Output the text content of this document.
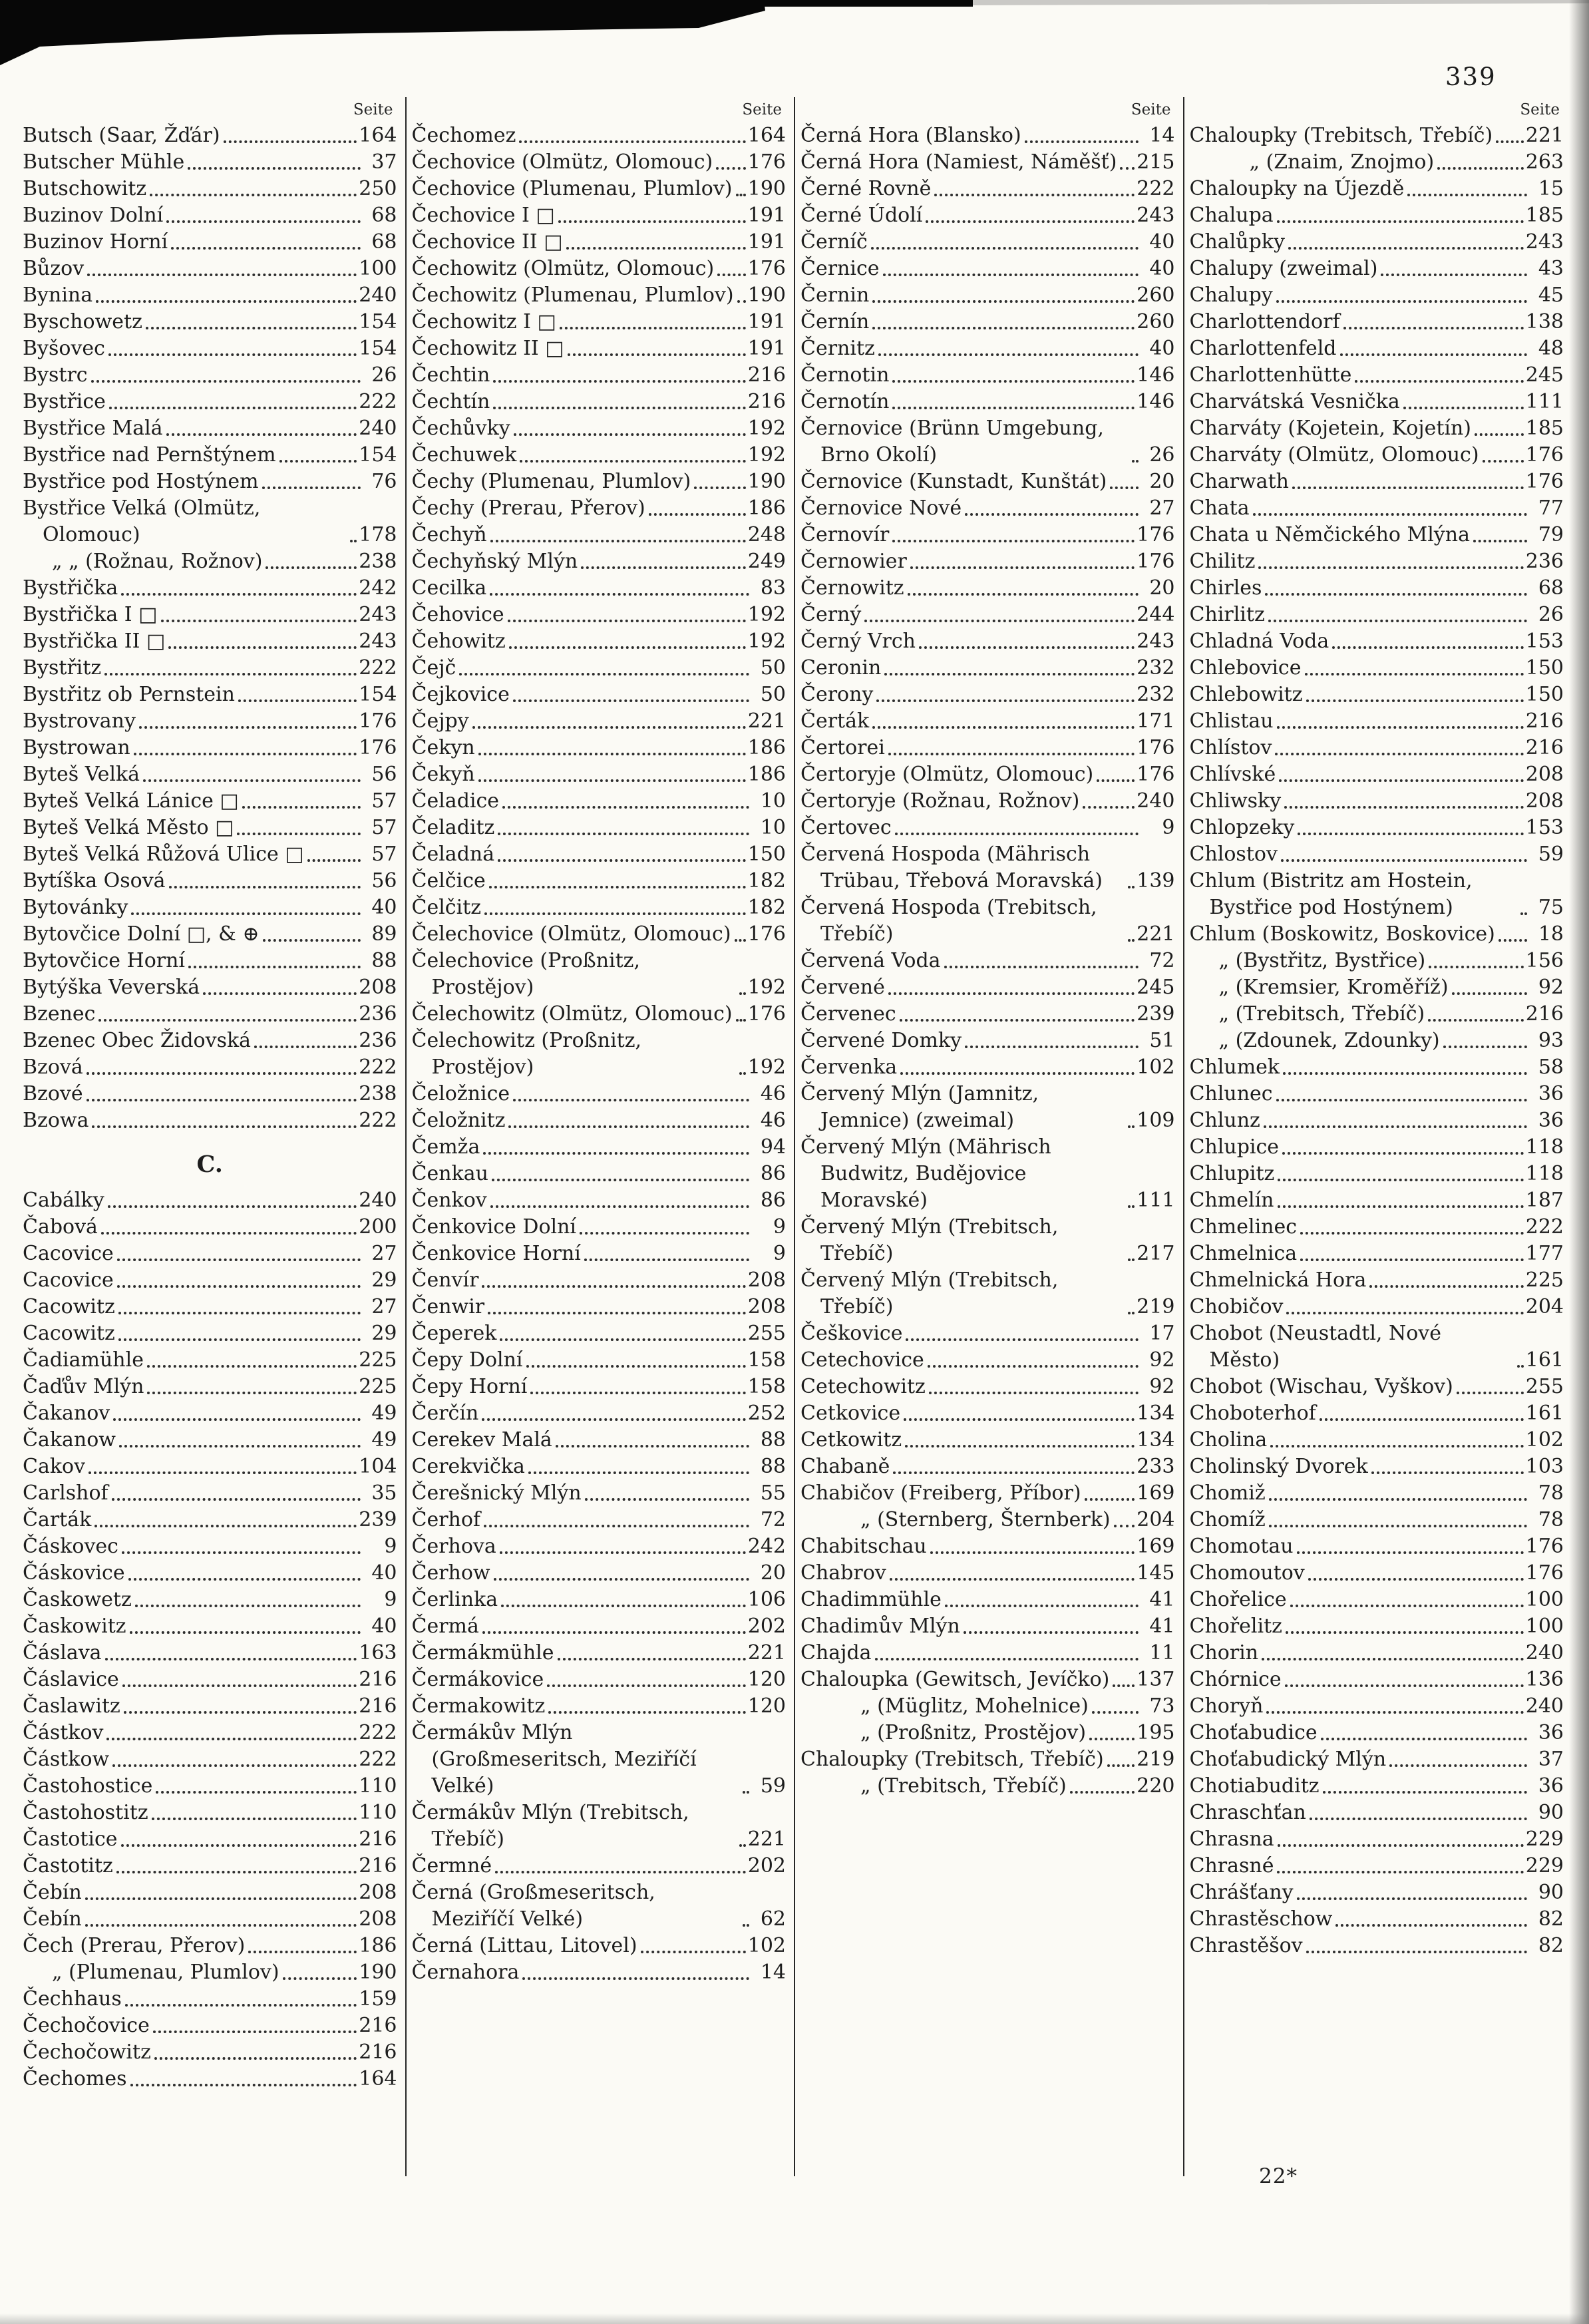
339
Seite
Butsch (Saar, Žďár)	164
Butscher Mühle	37
Butschowitz	250
Buzinov Dolní	68
Buzinov Horní	68
Bůzov	100
Bynina	240
Byschowetz	154
Byšovec	154
Bystrc	26
Bystřice	222
Bystřice Malá	240
Bystřice nad Pernštýnem	154
Bystřice pod Hostýnem	76
Bystřice Velká (Olmütz, Olomouc)	178
„ „ (Rožnau, Rožnov)	238
Bystřička	242
Bystřička I □	243
Bystřička II □	243
Bystřitz	222
Bystřitz ob Pernstein	154
Bystrovany	176
Bystrowan	176
Byteš Velká	56
Byteš Velká Lánice □	57
Byteš Velká Město □	57
Byteš Velká Růžová Ulice □	57
Bytíška Osová	56
Bytovánky	40
Bytovčice Dolní □, & ⊕	89
Bytovčice Horní	88
Bytýška Veverská	208
Bzenec	236
Bzenec Obec Židovská	236
Bzová	222
Bzové	238
Bzowa	222
C.
Cabálky	240
Čabová	200
Cacovice	27
Cacovice	29
Cacowitz	27
Cacowitz	29
Čadiamühle	225
Čaďův Mlýn	225
Čakanov	49
Čakanow	49
Cakov	104
Carlshof	35
Čarták	239
Čáskovec	9
Čáskovice	40
Časkowetz	9
Časkowitz	40
Čáslava	163
Čáslavice	216
Časlawitz	216
Částkov	222
Částkow	222
Častohostice	110
Častohostitz	110
Častotice	216
Častotitz	216
Čebín	208
Čebín	208
Čech (Prerau, Přerov)	186
„ (Plumenau, Plumlov)	190
Čechhaus	159
Čechočovice	216
Čechočowitz	216
Čechomes	164
Seite
Čechomez	164
Čechovice (Olmütz, Olomouc) 176
Čechovice (Plumenau, Plumlov) 190
Čechovice I □	191
Čechovice II □	191
Čechowitz (Olmütz, Olomouc) 176
Čechowitz (Plumenau, Plumlov) 190
Čechowitz I □	191
Čechowitz II □	191
Čechtin	216
Čechtín	216
Čechůvky	192
Čechuwek	192
Čechy (Plumenau, Plumlov)	190
Čechy (Prerau, Přerov)	186
Čechyň	248
Čechyňský Mlýn	249
Cecilka	83
Čehovice	192
Čehowitz	192
Čejč	50
Čejkovice	50
Čejpy	221
Čekyn	186
Čekyň	186
Čeladice	10
Čeladitz	10
Čeladná	150
Čelčice	182
Čelčitz	182
Čelechovice (Olmütz, Olomouc) 176
Čelechovice (Proßnitz, Prostějov)	192
Čelechowitz (Olmütz, Olomouc) 176
Čelechowitz (Proßnitz, Prostějov)	192
Čeložnice	46
Čeložnitz	46
Čemža	94
Čenkau	86
Čenkov	86
Čenkovice Dolní	9
Čenkovice Horní	9
Čenvír	208
Čenwir	208
Čeperek	255
Čepy Dolní	158
Čepy Horní	158
Čerčín	252
Cerekev Malá	88
Cerekvička	88
Čerešnický Mlýn	55
Čerhof	72
Čerhova	242
Čerhow	20
Čerlinka	106
Čermá	202
Čermákmühle	221
Čermákovice	120
Čermakowitz	120
Čermákův Mlýn (Großmeseritsch, Meziříčí Velké)	59
Čermákův Mlýn (Trebitsch, Třebíč)	221
Čermné	202
Černá (Großmeseritsch, Meziříčí Velké)	62
Černá (Littau, Litovel)	102
Černahora	14
Seite
Černá Hora (Blansko)	14
Černá Hora (Namiest, Náměšť) 215
Černé Rovně	222
Černé Údolí	243
Černíč	40
Černice	40
Černin	260
Černín	260
Černitz	40
Černotin	146
Černotín	146
Černovice (Brünn Umgebung, Brno Okolí)	26
Černovice (Kunstadt, Kunštát)	20
Černovice Nové	27
Černovír	176
Černowier	176
Černowitz	20
Černý	244
Černý Vrch	243
Ceronin	232
Čerony	232
Čerták	171
Čertorei	176
Čertoryje (Olmütz, Olomouc) 176
Čertoryje (Rožnau, Rožnov)	240
Čertovec	9
Červená Hospoda (Mährisch Trübau, Třebová Moravská)	139
Červená Hospoda (Trebitsch, Třebíč)	221
Červená Voda	72
Červené	245
Červenec	239
Červené Domky	51
Červenka	102
Červený Mlýn (Jamnitz, Jemnice) (zweimal)	109
Červený Mlýn (Mährisch Budwitz, Budějovice Moravské)	111
Červený Mlýn (Trebitsch, Třebíč)	217
Červený Mlýn (Trebitsch, Třebíč)	219
Češkovice	17
Cetechovice	92
Cetechowitz	92
Cetkovice	134
Cetkowitz	134
Chabaně	233
Chabičov (Freiberg, Příbor)	169
„ (Sternberg, Šternberk) 204
Chabitschau	169
Chabrov	145
Chadimmühle	41
Chadimův Mlýn	41
Chajda	11
Chaloupka (Gewitsch, Jevíčko) 137
„ (Müglitz, Mohelnice)	73
„ (Proßnitz, Prostějov)	195
Chaloupky (Trebitsch, Třebíč) 219
„ (Trebitsch, Třebíč)	220
Seite
Chaloupky (Trebitsch, Třebíč) 221
„ (Znaim, Znojmo)	263
Chaloupky na Újezdě	15
Chalupa	185
Chalůpky	243
Chalupy (zweimal)	43
Chalupy	45
Charlottendorf	138
Charlottenfeld	48
Charlottenhütte	245
Charvátská Vesnička	111
Charváty (Kojetein, Kojetín)	185
Charváty (Olmütz, Olomouc) 176
Charwath	176
Chata	77
Chata u Němčického Mlýna	79
Chilitz	236
Chirles	68
Chirlitz	26
Chladná Voda	153
Chlebovice	150
Chlebowitz	150
Chlistau	216
Chlístov	216
Chlívské	208
Chliwsky	208
Chlopzeky	153
Chlostov	59
Chlum (Bistritz am Hostein, Bystřice pod Hostýnem)	75
Chlum (Boskowitz, Boskovice)	18
„ (Bystřitz, Bystřice)	156
„ (Kremsier, Kroměříž)	92
„ (Trebitsch, Třebíč)	216
„ (Zdounek, Zdounky)	93
Chlumek	58
Chlunec	36
Chlunz	36
Chlupice	118
Chlupitz	118
Chmelín	187
Chmelinec	222
Chmelnica	177
Chmelnická Hora	225
Chobičov	204
Chobot (Neustadtl, Nové Město)	161
Chobot (Wischau, Vyškov)	255
Choboterhof	161
Cholina	102
Cholinský Dvorek	103
Chomiž	78
Chomíž	78
Chomotau	176
Chomoutov	176
Chořelice	100
Chořelitz	100
Chorin	240
Chórnice	136
Choryň	240
Choťabudice	36
Choťabudický Mlýn	37
Chotiabuditz	36
Chraschťan	90
Chrasna	229
Chrasné	229
Chrášťany	90
Chrastěschow	82
Chrastěšov	82
22*
